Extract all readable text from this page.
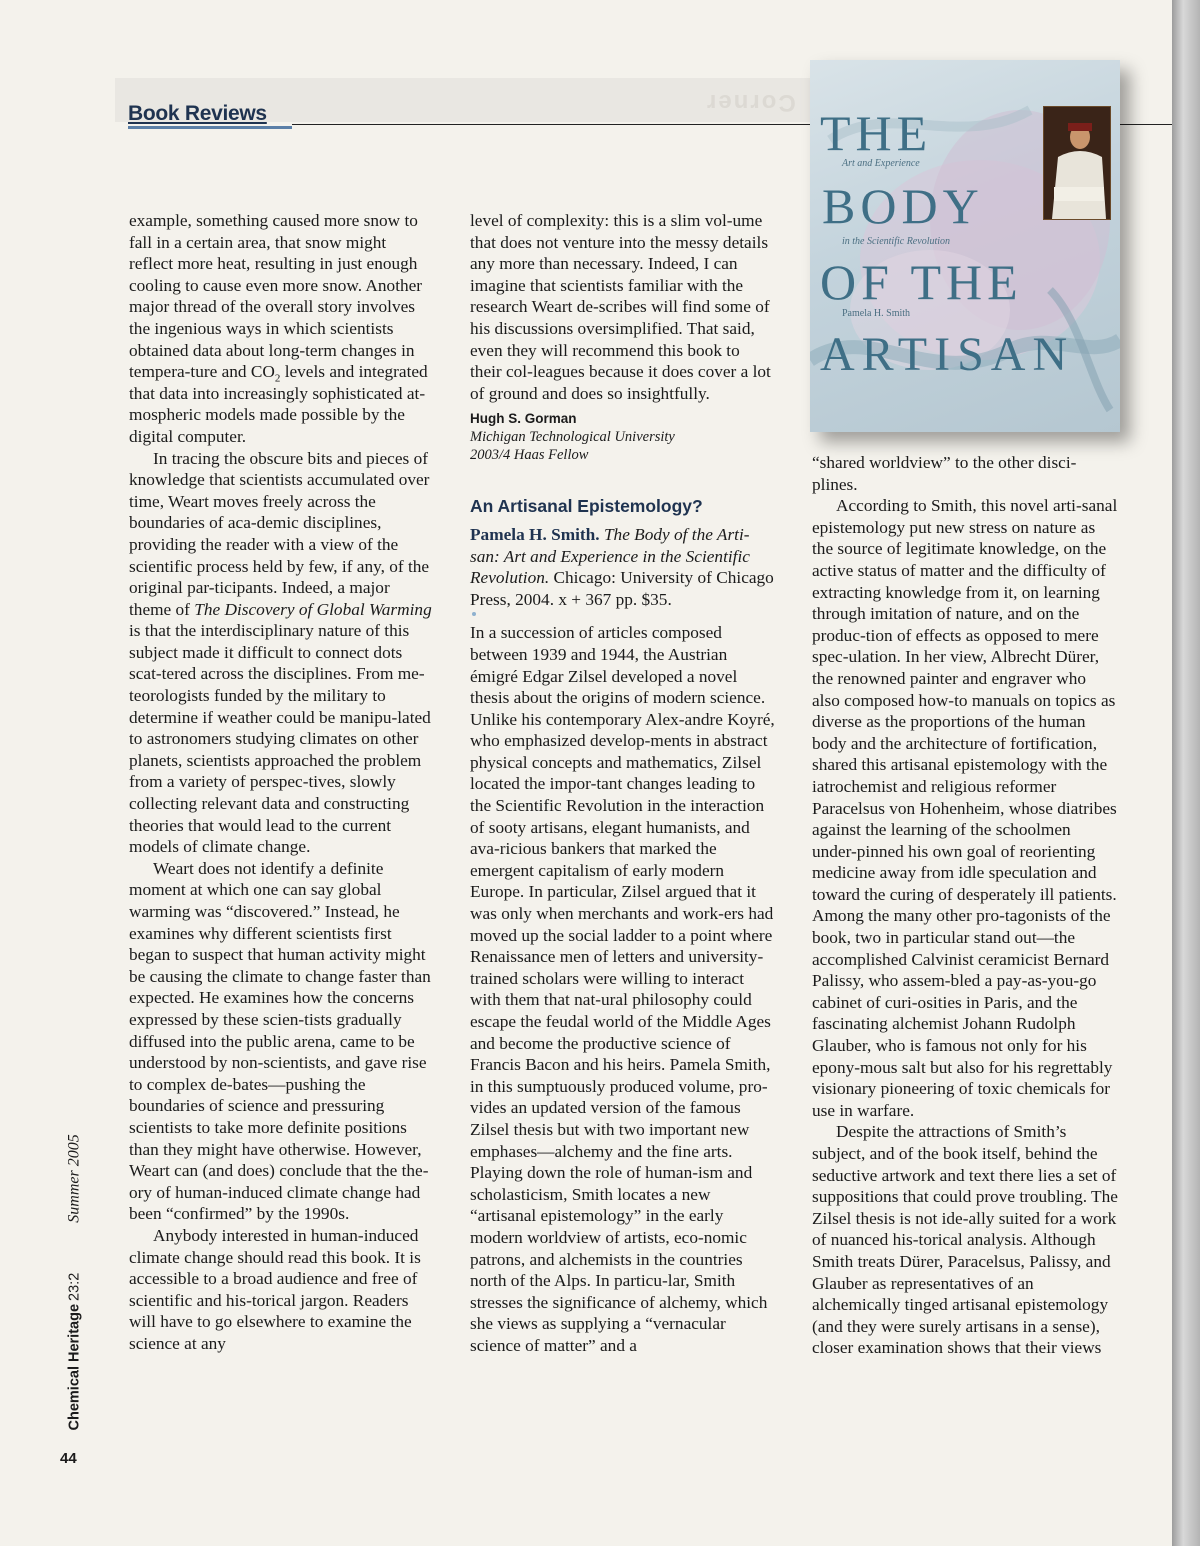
Corner
Book Reviews

example, something caused more snow to fall in a certain area, that snow might reflect more heat, resulting in just enough cooling to cause even more snow. Another major thread of the overall story involves the ingenious ways in which scientists obtained data about long-term changes in tempera-ture and $CO_2$ levels and integrated that data into increasingly sophisticated at-mospheric models made possible by the digital computer.

In tracing the obscure bits and pieces of knowledge that scientists accumulated over time, Weart moves freely across the boundaries of aca-demic disciplines, providing the reader with a view of the scientific process held by few, if any, of the original par-ticipants. Indeed, a major theme of The Discovery of Global Warming is that the interdisciplinary nature of this subject made it difficult to connect dots scat-tered across the disciplines. From me-teorologists funded by the military to determine if weather could be manipu-lated to astronomers studying climates on other planets, scientists approached the problem from a variety of perspec-tives, slowly collecting relevant data and constructing theories that would lead to the current models of climate change.

Weart does not identify a definite moment at which one can say global warming was “discovered.” Instead, he examines why different scientists first began to suspect that human activity might be causing the climate to change faster than expected. He examines how the concerns expressed by these scien-tists gradually diffused into the public arena, came to be understood by non-scientists, and gave rise to complex de-bates—pushing the boundaries of science and pressuring scientists to take more definite positions than they might have otherwise. However, Weart can (and does) conclude that the the-ory of human-induced climate change had been “confirmed” by the 1990s.

Anybody interested in human-induced climate change should read this book. It is accessible to a broad audience and free of scientific and his-torical jargon. Readers will have to go elsewhere to examine the science at any

level of complexity: this is a slim vol-ume that does not venture into the messy details any more than necessary. Indeed, I can imagine that scientists familiar with the research Weart de-scribes will find some of his discussions oversimplified. That said, even they will recommend this book to their col-leagues because it does cover a lot of ground and does so insightfully.

Hugh S. Gorman

Michigan Technological University

2003/4 Haas Fellow

An Artisanal Epistemology?

Pamela H. Smith. The Body of the Arti-san: Art and Experience in the Scientific Revolution. Chicago: University of Chicago Press, 2004. x + 367 pp. $35.

In a succession of articles composed between 1939 and 1944, the Austrian émigré Edgar Zilsel developed a novel thesis about the origins of modern science. Unlike his contemporary Alex-andre Koyré, who emphasized develop-ments in abstract physical concepts and mathematics, Zilsel located the impor-tant changes leading to the Scientific Revolution in the interaction of sooty artisans, elegant humanists, and ava-ricious bankers that marked the emergent capitalism of early modern Europe. In particular, Zilsel argued that it was only when merchants and work-ers had moved up the social ladder to a point where Renaissance men of letters and university-trained scholars were willing to interact with them that nat-ural philosophy could escape the feudal world of the Middle Ages and become the productive science of Francis Bacon and his heirs. Pamela Smith, in this sumptuously produced volume, pro-vides an updated version of the famous Zilsel thesis but with two important new emphases—alchemy and the fine arts. Playing down the role of human-ism and scholasticism, Smith locates a new “artisanal epistemology” in the early modern worldview of artists, eco-nomic patrons, and alchemists in the countries north of the Alps. In particu-lar, Smith stresses the significance of alchemy, which she views as supplying a “vernacular science of matter” and a

“shared worldview” to the other disci-plines.

According to Smith, this novel arti-sanal epistemology put new stress on nature as the source of legitimate knowledge, on the active status of matter and the difficulty of extracting knowledge from it, on learning through imitation of nature, and on the produc-tion of effects as opposed to mere spec-ulation. In her view, Albrecht Dürer, the renowned painter and engraver who also composed how-to manuals on topics as diverse as the proportions of the human body and the architecture of fortification, shared this artisanal epistemology with the iatrochemist and religious reformer Paracelsus von Hohenheim, whose diatribes against the learning of the schoolmen under-pinned his own goal of reorienting medicine away from idle speculation and toward the curing of desperately ill patients. Among the many other pro-tagonists of the book, two in particular stand out—the accomplished Calvinist ceramicist Bernard Palissy, who assem-bled a pay-as-you-go cabinet of curi-osities in Paris, and the fascinating alchemist Johann Rudolph Glauber, who is famous not only for his epony-mous salt but also for his regrettably visionary pioneering of toxic chemicals for use in warfare.

Despite the attractions of Smith’s subject, and of the book itself, behind the seductive artwork and text there lies a set of suppositions that could prove troubling. The Zilsel thesis is not ide-ally suited for a work of nuanced his-torical analysis. Although Smith treats Dürer, Paracelsus, Palissy, and Glauber as representatives of an alchemically tinged artisanal epistemology (and they were surely artisans in a sense), closer examination shows that their views

THE
Art and Experience
BODY
in the Scientific Revolution
OF THE
Pamela H. Smith
ARTISAN
Chemical Heritage23:2Summer 2005
44
